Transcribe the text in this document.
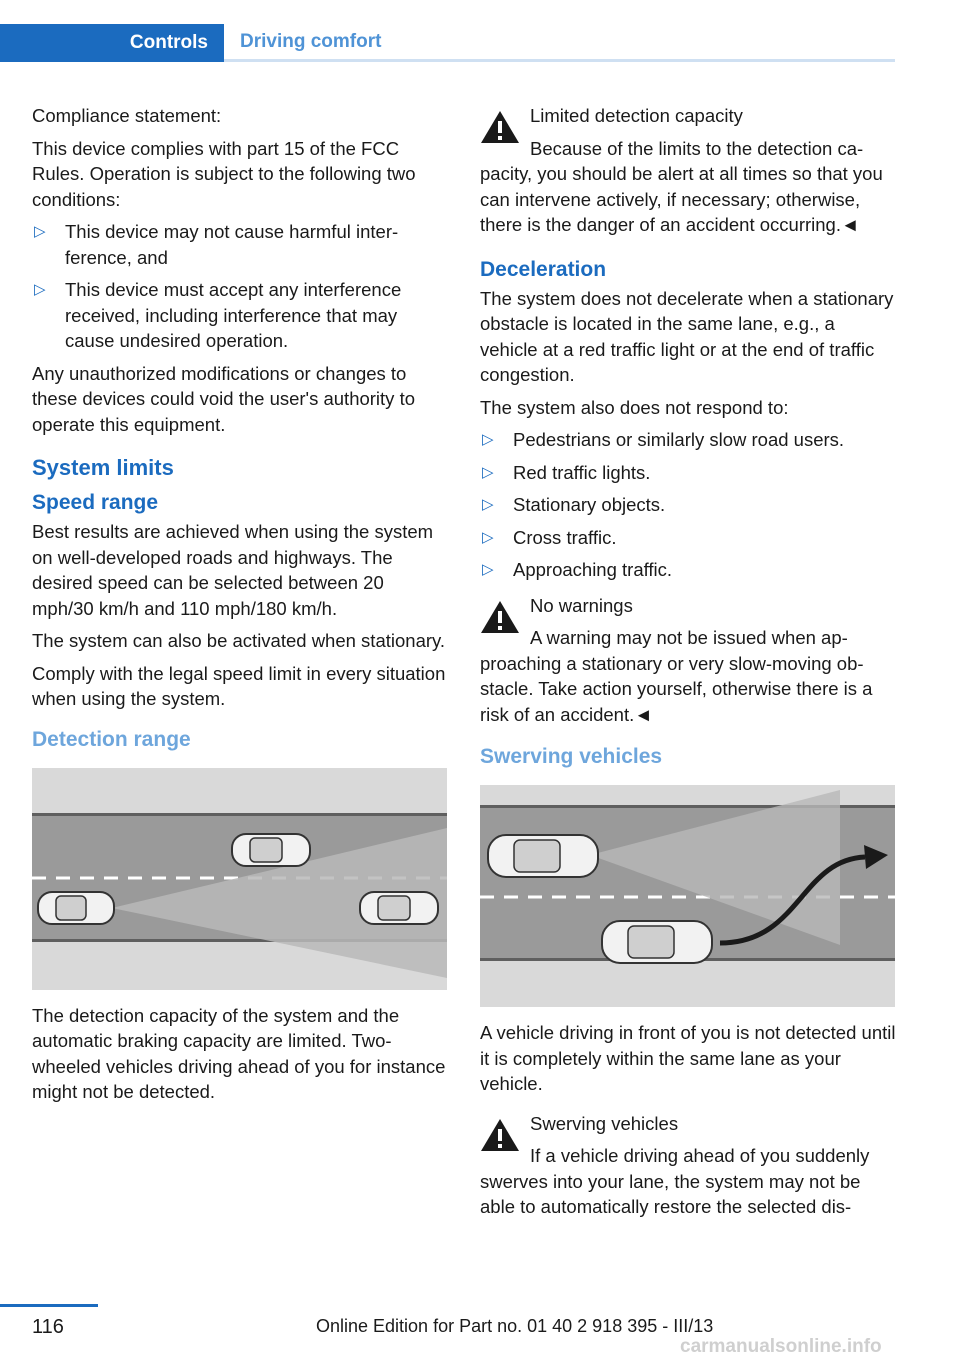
Controls	Driving comfort

Compliance statement:

This device complies with part 15 of the FCC Rules. Operation is subject to the following two conditions:

▷ This device may not cause harmful interference, and
▷ This device must accept any interference received, including interference that may cause undesired operation.

Any unauthorized modifications or changes to these devices could void the user's authority to operate this equipment.

System limits
Speed range

Best results are achieved when using the system on well-developed roads and highways. The desired speed can be selected between 20 mph/30 km/h and 110 mph/180 km/h.

The system can also be activated when stationary.

Comply with the legal speed limit in every situation when using the system.

Detection range

The detection capacity of the system and the automatic braking capacity are limited. Two-wheeled vehicles driving ahead of you for instance might not be detected.

Limited detection capacity
Because of the limits to the detection capacity, you should be alert at all times so that you can intervene actively, if necessary; otherwise, there is the danger of an accident occurring.◄
Deceleration

The system does not decelerate when a stationary obstacle is located in the same lane, e.g., a vehicle at a red traffic light or at the end of traffic congestion.

The system also does not respond to:

▷ Pedestrians or similarly slow road users.
▷ Red traffic lights.
▷ Stationary objects.
▷ Cross traffic.
▷ Approaching traffic.
No warnings
A warning may not be issued when approaching a stationary or very slow-moving obstacle. Take action yourself, otherwise there is a risk of an accident.◄
Swerving vehicles

A vehicle driving in front of you is not detected until it is completely within the same lane as your vehicle.

Swerving vehicles
If a vehicle driving ahead of you suddenly swerves into your lane, the system may not be able to automatically restore the selected dis-
116	Online Edition for Part no. 01 40 2 918 395 - III/13
carmanualsonline.info
